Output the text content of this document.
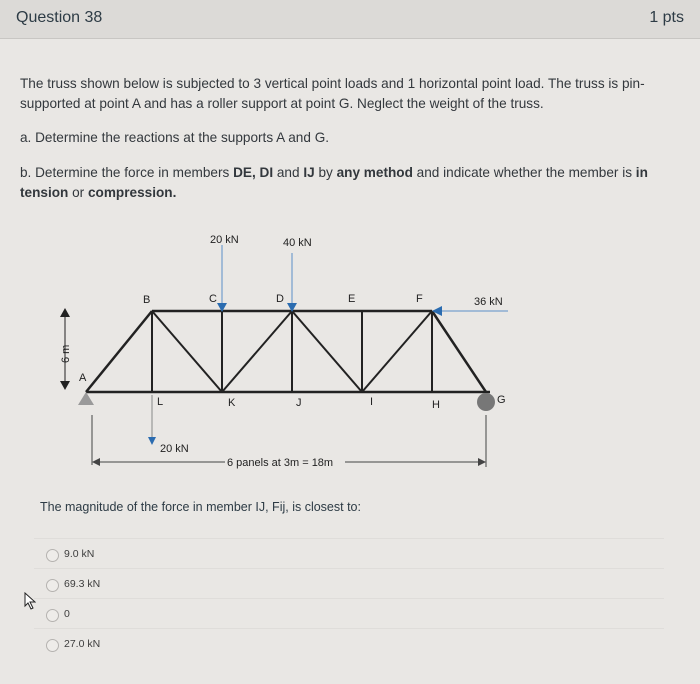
Question 38	1 pts
The truss shown below is subjected to 3 vertical point loads and 1 horizontal point load. The truss is pin-supported at point A and has a roller support at point G. Neglect the weight of the truss.
a. Determine the reactions at the supports A and G.
b. Determine the force in members DE, DI and IJ by any method and indicate whether the member is in tension or compression.
20 kN	40 kN
36 kN
20 kN
B	C	D	E	F
A
G
H
I
J
K
L
6 m
6 panels at 3m = 18m
The magnitude of the force in member IJ, Fij, is closest to:
9.0 kN
69.3 kN
0
27.0 kN
